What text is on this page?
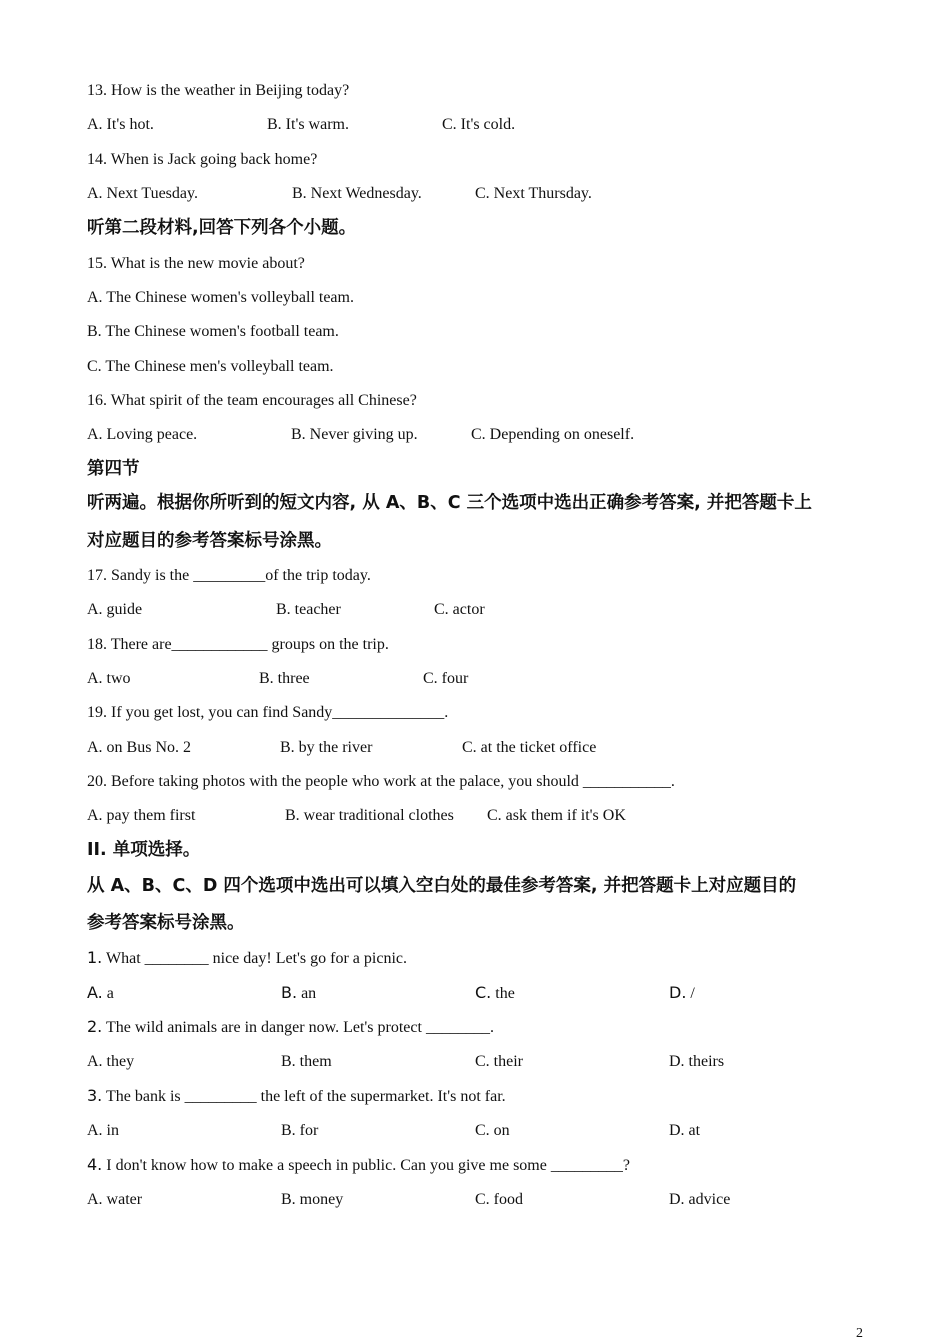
13. How is the weather in Beijing today?
A. It's hot.	B. It's warm.	C. It's cold.
14. When is Jack going back home?
A. Next Tuesday.	B. Next Wednesday.	C. Next Thursday.
听第二段材料,回答下列各个小题。
15. What is the new movie about?
A. The Chinese women's volleyball team.
B. The Chinese women's football team.
C. The Chinese men's volleyball team.
16. What spirit of the team encourages all Chinese?
A. Loving peace.	B. Never giving up.	C. Depending on oneself.
第四节
听两遍。根据你所听到的短文内容, 从 A、B、C 三个选项中选出正确参考答案, 并把答题卡上
对应题目的参考答案标号涂黑。
17. Sandy is the _________of the trip today.
A. guide	B. teacher	C. actor
18. There are____________ groups on the trip.
A. two	B. three	C. four
19. If you get lost, you can find Sandy______________.
A. on Bus No. 2	B. by the river	C. at the ticket office
20. Before taking photos with the people who work at the palace, you should ___________.
A. pay them first	B. wear traditional clothes C. ask them if it's OK
II. 单项选择。
从 A、B、C、D 四个选项中选出可以填入空白处的最佳参考答案, 并把答题卡上对应题目的
参考答案标号涂黑。
1. What ________ nice day! Let's go for a picnic.
A. a	B. an	C. the	D. /
2. The wild animals are in danger now. Let's protect ________.
A. they	B. them	C. their	D. theirs
3. The bank is _________ the left of the supermarket. It's not far.
A. in	B. for	C. on	D. at
4. I don't know how to make a speech in public. Can you give me some _________?
A. water	B. money	C. food	D. advice
2
